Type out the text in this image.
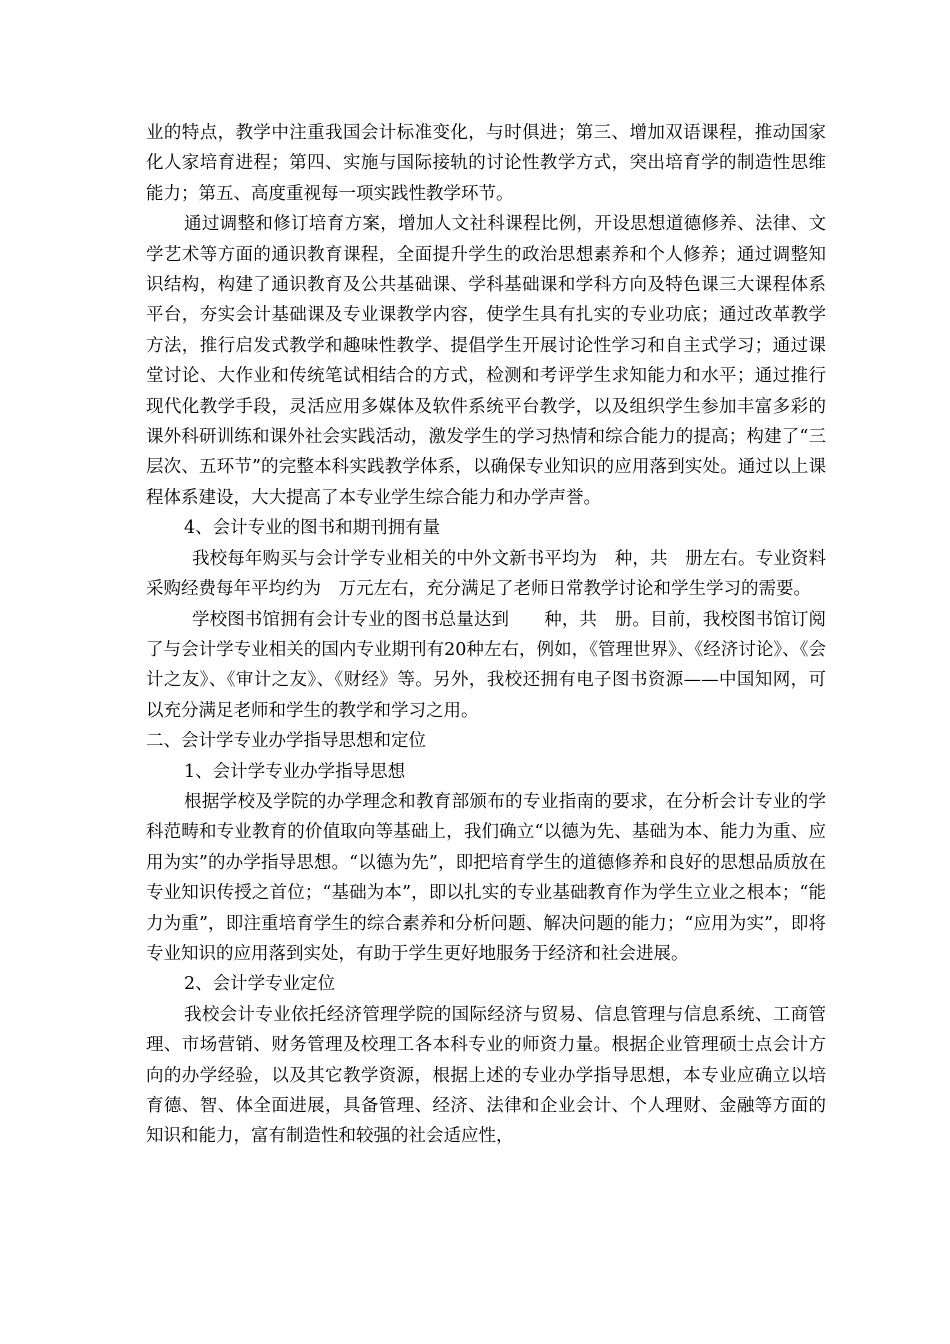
业的特点，教学中注重我国会计标准变化，与时俱进；第三、增加双语课程，推动国家化人家培育进程；第四、实施与国际接轨的讨论性教学方式，突出培育学的制造性思维能力；第五、高度重视每一项实践性教学环节。

通过调整和修订培育方案，增加人文社科课程比例，开设思想道德修养、法律、文学艺术等方面的通识教育课程，全面提升学生的政治思想素养和个人修养；通过调整知识结构，构建了通识教育及公共基础课、学科基础课和学科方向及特色课三大课程体系平台，夯实会计基础课及专业课教学内容，使学生具有扎实的专业功底；通过改革教学方法，推行启发式教学和趣味性教学、提倡学生开展讨论性学习和自主式学习；通过课堂讨论、大作业和传统笔试相结合的方式，检测和考评学生求知能力和水平；通过推行现代化教学手段，灵活应用多媒体及软件系统平台教学，以及组织学生参加丰富多彩的课外科研训练和课外社会实践活动，激发学生的学习热情和综合能力的提高；构建了“三层次、五环节”的完整本科实践教学体系，以确保专业知识的应用落到实处。通过以上课程体系建设，大大提高了本专业学生综合能力和办学声誉。

4、会计专业的图书和期刊拥有量

我校每年购买与会计学专业相关的中外文新书平均为　种，共　册左右。专业资料采购经费每年平均约为　万元左右，充分满足了老师日常教学讨论和学生学习的需要。

学校图书馆拥有会计专业的图书总量达到　　种，共　册。目前，我校图书馆订阅了与会计学专业相关的国内专业期刊有20种左右，例如，《管理世界》、《经济讨论》、《会计之友》、《审计之友》、《财经》等。另外，我校还拥有电子图书资源——中国知网，可以充分满足老师和学生的教学和学习之用。

二、会计学专业办学指导思想和定位

1、会计学专业办学指导思想

根据学校及学院的办学理念和教育部颁布的专业指南的要求，在分析会计专业的学科范畴和专业教育的价值取向等基础上，我们确立“以德为先、基础为本、能力为重、应用为实”的办学指导思想。“以德为先”，即把培育学生的道德修养和良好的思想品质放在专业知识传授之首位；“基础为本”，即以扎实的专业基础教育作为学生立业之根本；“能力为重”，即注重培育学生的综合素养和分析问题、解决问题的能力；“应用为实”，即将专业知识的应用落到实处，有助于学生更好地服务于经济和社会进展。

2、会计学专业定位

我校会计专业依托经济管理学院的国际经济与贸易、信息管理与信息系统、工商管理、市场营销、财务管理及校理工各本科专业的师资力量。根据企业管理硕士点会计方向的办学经验，以及其它教学资源，根据上述的专业办学指导思想，本专业应确立以培育德、智、体全面进展，具备管理、经济、法律和企业会计、个人理财、金融等方面的知识和能力，富有制造性和较强的社会适应性，
